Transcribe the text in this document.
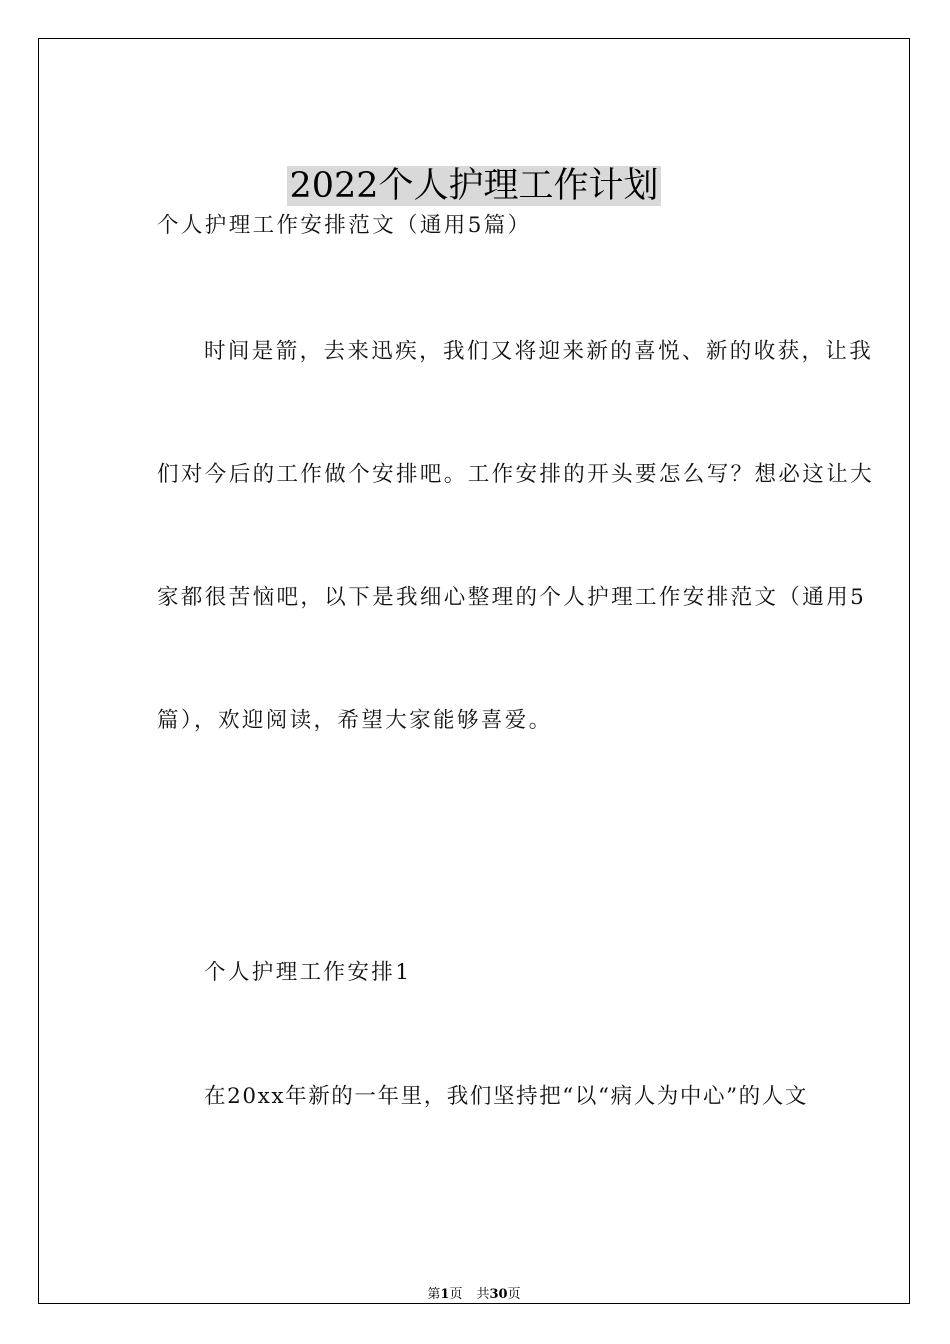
2022个人护理工作计划
个人护理工作安排范文（通用5篇）
时间是箭，去来迅疾，我们又将迎来新的喜悦、新的收获，让我
们对今后的工作做个安排吧。工作安排的开头要怎么写？想必这让大
家都很苦恼吧，以下是我细心整理的个人护理工作安排范文（通用5
篇），欢迎阅读，希望大家能够喜爱。
个人护理工作安排1
在20xx年新的一年里，我们坚持把“以“病人为中心”的人文
第1页 共30页
